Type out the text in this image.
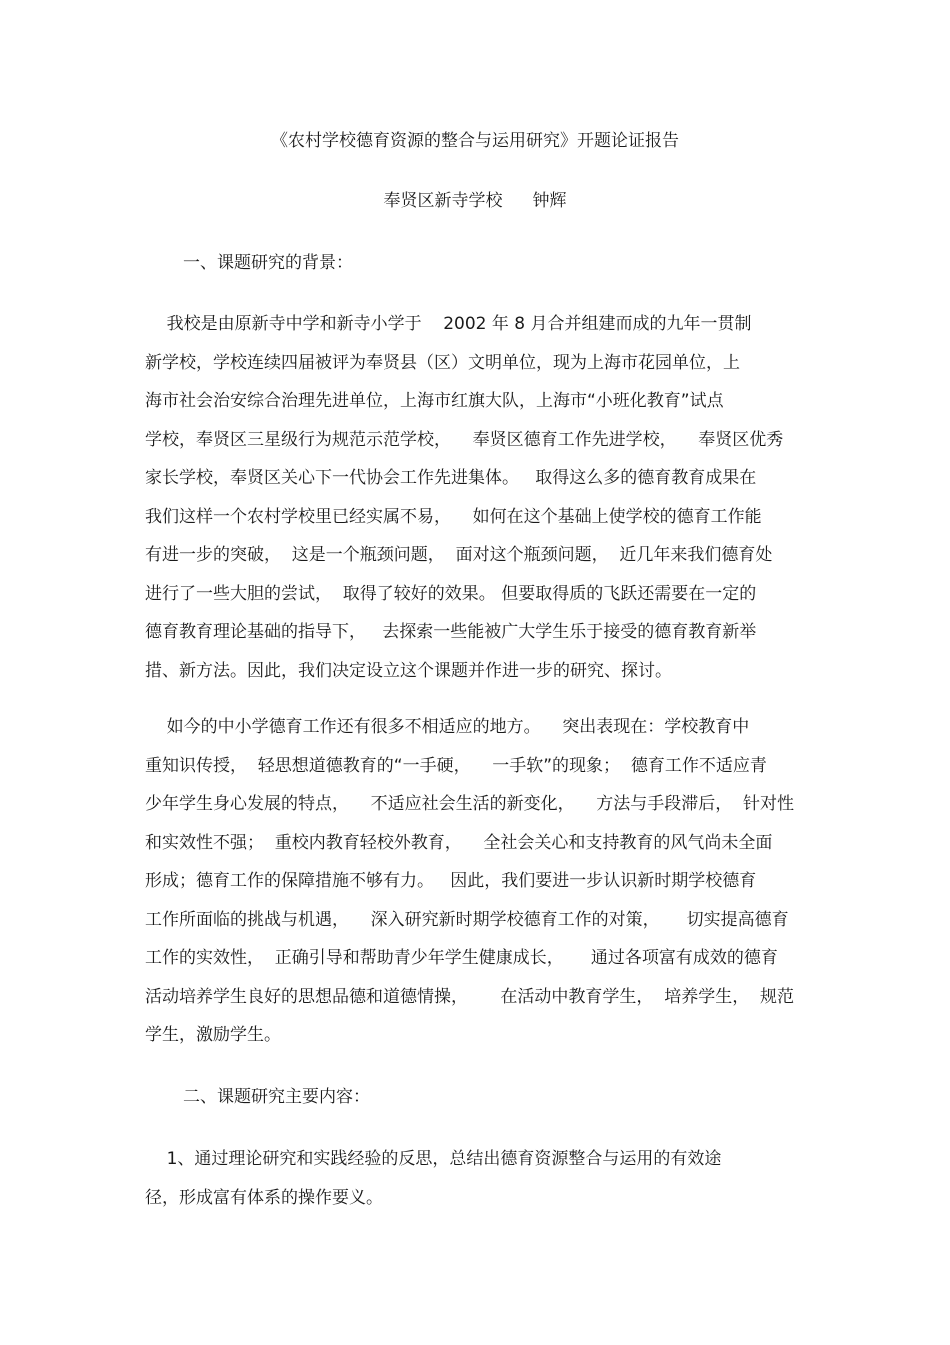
《农村学校德育资源的整合与运用研究》开题论证报告
奉贤区新寺学校 钟辉
一、课题研究的背景：
我校是由原新寺中学和新寺小学于    2002 年 8 月合并组建而成的九年一贯制
新学校，学校连续四届被评为奉贤县（区）文明单位，现为上海市花园单位，上
海市社会治安综合治理先进单位，上海市红旗大队，上海市“小班化教育”试点
学校，奉贤区三星级行为规范示范学校，    奉贤区德育工作先进学校，    奉贤区优秀
家长学校，奉贤区关心下一代协会工作先进集体。   取得这么多的德育教育成果在
我们这样一个农村学校里已经实属不易，    如何在这个基础上使学校的德育工作能
有进一步的突破，  这是一个瓶颈问题，  面对这个瓶颈问题，  近几年来我们德育处
进行了一些大胆的尝试，  取得了较好的效果。 但要取得质的飞跃还需要在一定的
德育教育理论基础的指导下，   去探索一些能被广大学生乐于接受的德育教育新举
措、新方法。因此，我们决定设立这个课题并作进一步的研究、探讨。
如今的中小学德育工作还有很多不相适应的地方。    突出表现在：学校教育中
重知识传授，  轻思想道德教育的“一手硬，    一手软”的现象；  德育工作不适应青
少年学生身心发展的特点，    不适应社会生活的新变化，    方法与手段滞后，  针对性
和实效性不强；  重校内教育轻校外教育，    全社会关心和支持教育的风气尚未全面
形成；德育工作的保障措施不够有力。   因此，我们要进一步认识新时期学校德育
工作所面临的挑战与机遇，    深入研究新时期学校德育工作的对策，     切实提高德育
工作的实效性，  正确引导和帮助青少年学生健康成长，     通过各项富有成效的德育
活动培养学生良好的思想品德和道德情操，      在活动中教育学生，  培养学生，  规范
学生，激励学生。
二、课题研究主要内容：
1、通过理论研究和实践经验的反思，总结出德育资源整合与运用的有效途
径，形成富有体系的操作要义。
